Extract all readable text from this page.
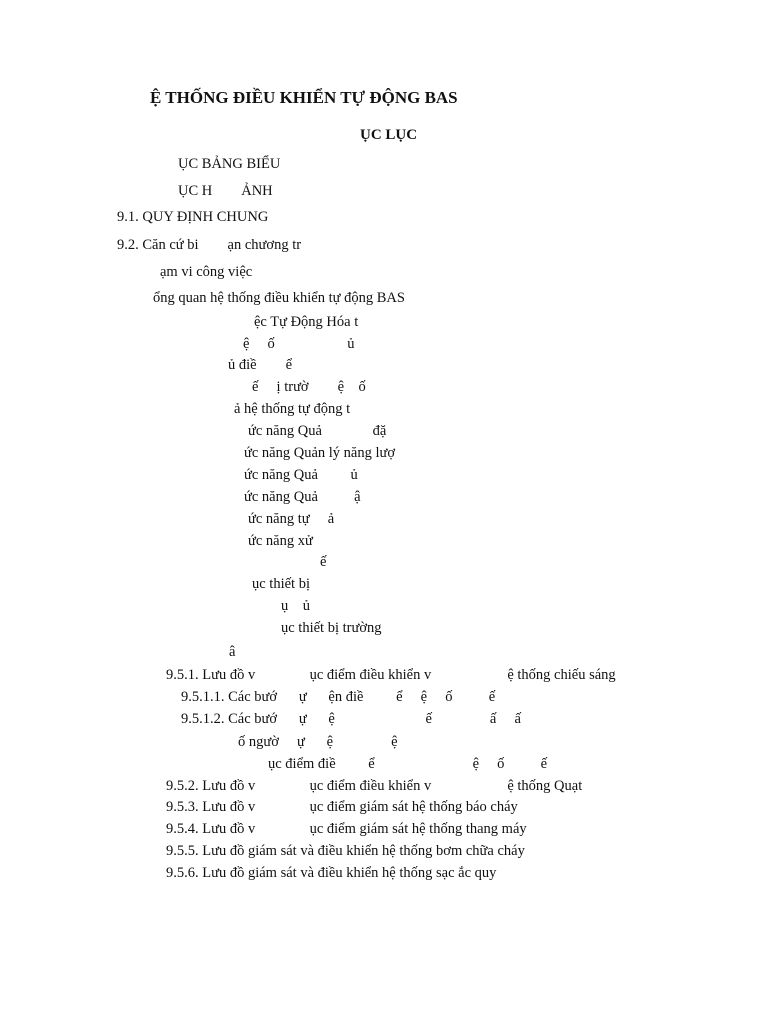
Ệ THỐNG ĐIỀU KHIỂN TỰ ĐỘNG BAS
ỤC LỤC
ỤC BẢNG BIỂU
ỤC H        ẢNH
9.1. QUY ĐỊNH CHUNG
9.2. Căn cứ bi        ạn chương tr
ạm vi công việc
ổng quan hệ thống điều khiển tự động BAS
ệc Tự Động Hóa t
ệ     ố                    ủ
ủ điề        ể
ế     ị trườ        ệ    ố
ả hệ thống tự động t
ức năng Quả              đặ
ức năng Quản lý năng lượ
ức năng Quả         ủ
ức năng Quả          ậ
ức năng tự     ả
ức năng xử
ế
ục thiết bị
ụ    ủ
ục thiết bị trường
â
9.5.1. Lưu đồ v               ục điểm điều khiển v                     ệ thống chiếu sáng
9.5.1.1. Các bướ      ự      ện điề         ể     ệ     ố          ế
9.5.1.2. Các bướ      ự      ệ                         ế                ấ     ấ
ố ngườ     ự      ệ                ệ
ục điểm điề         ể                           ệ     ố          ế
9.5.2. Lưu đồ v               ục điểm điều khiển v                     ệ thống Quạt
9.5.3. Lưu đồ v               ục điểm giám sát hệ thống báo cháy
9.5.4. Lưu đồ v               ục điểm giám sát hệ thống thang máy
9.5.5. Lưu đồ giám sát và điều khiển hệ thống bơm chữa cháy
9.5.6. Lưu đồ giám sát và điều khiển hệ thống sạc ắc quy
